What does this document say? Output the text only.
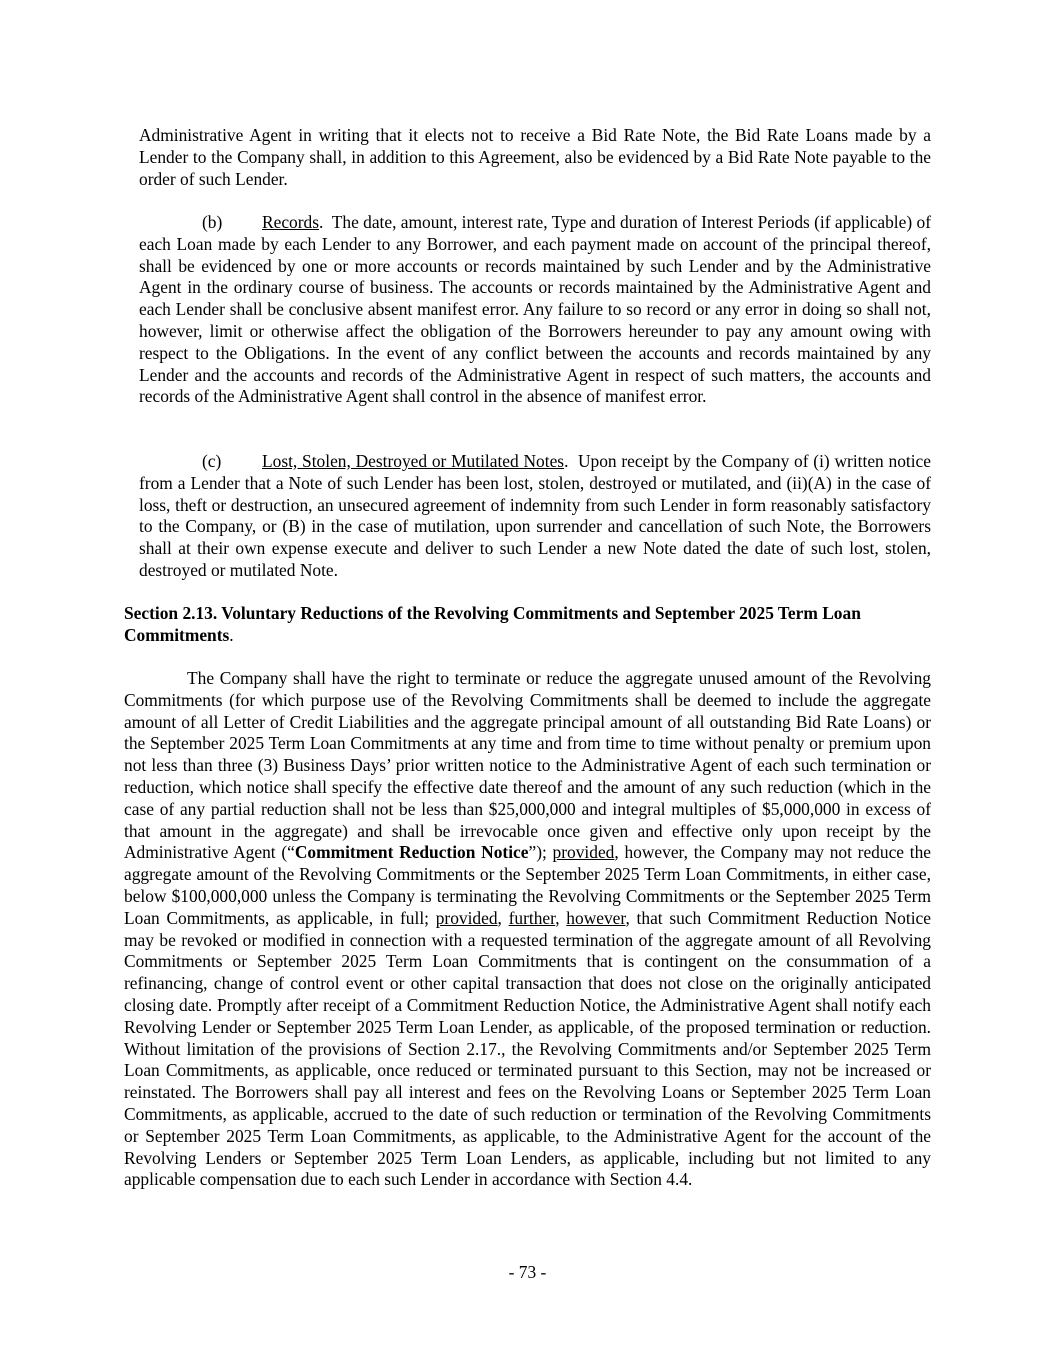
Administrative Agent in writing that it elects not to receive a Bid Rate Note, the Bid Rate Loans made by a Lender to the Company shall, in addition to this Agreement, also be evidenced by a Bid Rate Note payable to the order of such Lender.

(b) Records. The date, amount, interest rate, Type and duration of Interest Periods (if applicable) of each Loan made by each Lender to any Borrower, and each payment made on account of the principal thereof, shall be evidenced by one or more accounts or records maintained by such Lender and by the Administrative Agent in the ordinary course of business. The accounts or records maintained by the Administrative Agent and each Lender shall be conclusive absent manifest error. Any failure to so record or any error in doing so shall not, however, limit or otherwise affect the obligation of the Borrowers hereunder to pay any amount owing with respect to the Obligations. In the event of any conflict between the accounts and records maintained by any Lender and the accounts and records of the Administrative Agent in respect of such matters, the accounts and records of the Administrative Agent shall control in the absence of manifest error.

(c) Lost, Stolen, Destroyed or Mutilated Notes. Upon receipt by the Company of (i) written notice from a Lender that a Note of such Lender has been lost, stolen, destroyed or mutilated, and (ii)(A) in the case of loss, theft or destruction, an unsecured agreement of indemnity from such Lender in form reasonably satisfactory to the Company, or (B) in the case of mutilation, upon surrender and cancellation of such Note, the Borrowers shall at their own expense execute and deliver to such Lender a new Note dated the date of such lost, stolen, destroyed or mutilated Note.

Section 2.13. Voluntary Reductions of the Revolving Commitments and September 2025 Term Loan Commitments.

The Company shall have the right to terminate or reduce the aggregate unused amount of the Revolving Commitments (for which purpose use of the Revolving Commitments shall be deemed to include the aggregate amount of all Letter of Credit Liabilities and the aggregate principal amount of all outstanding Bid Rate Loans) or the September 2025 Term Loan Commitments at any time and from time to time without penalty or premium upon not less than three (3) Business Days’ prior written notice to the Administrative Agent of each such termination or reduction, which notice shall specify the effective date thereof and the amount of any such reduction (which in the case of any partial reduction shall not be less than $25,000,000 and integral multiples of $5,000,000 in excess of that amount in the aggregate) and shall be irrevocable once given and effective only upon receipt by the Administrative Agent (“Commitment Reduction Notice”); provided, however, the Company may not reduce the aggregate amount of the Revolving Commitments or the September 2025 Term Loan Commitments, in either case, below $100,000,000 unless the Company is terminating the Revolving Commitments or the September 2025 Term Loan Commitments, as applicable, in full; provided, further, however, that such Commitment Reduction Notice may be revoked or modified in connection with a requested termination of the aggregate amount of all Revolving Commitments or September 2025 Term Loan Commitments that is contingent on the consummation of a refinancing, change of control event or other capital transaction that does not close on the originally anticipated closing date. Promptly after receipt of a Commitment Reduction Notice, the Administrative Agent shall notify each Revolving Lender or September 2025 Term Loan Lender, as applicable, of the proposed termination or reduction. Without limitation of the provisions of Section 2.17., the Revolving Commitments and/or September 2025 Term Loan Commitments, as applicable, once reduced or terminated pursuant to this Section, may not be increased or reinstated. The Borrowers shall pay all interest and fees on the Revolving Loans or September 2025 Term Loan Commitments, as applicable, accrued to the date of such reduction or termination of the Revolving Commitments or September 2025 Term Loan Commitments, as applicable, to the Administrative Agent for the account of the Revolving Lenders or September 2025 Term Loan Lenders, as applicable, including but not limited to any applicable compensation due to each such Lender in accordance with Section 4.4.

- 73 -
